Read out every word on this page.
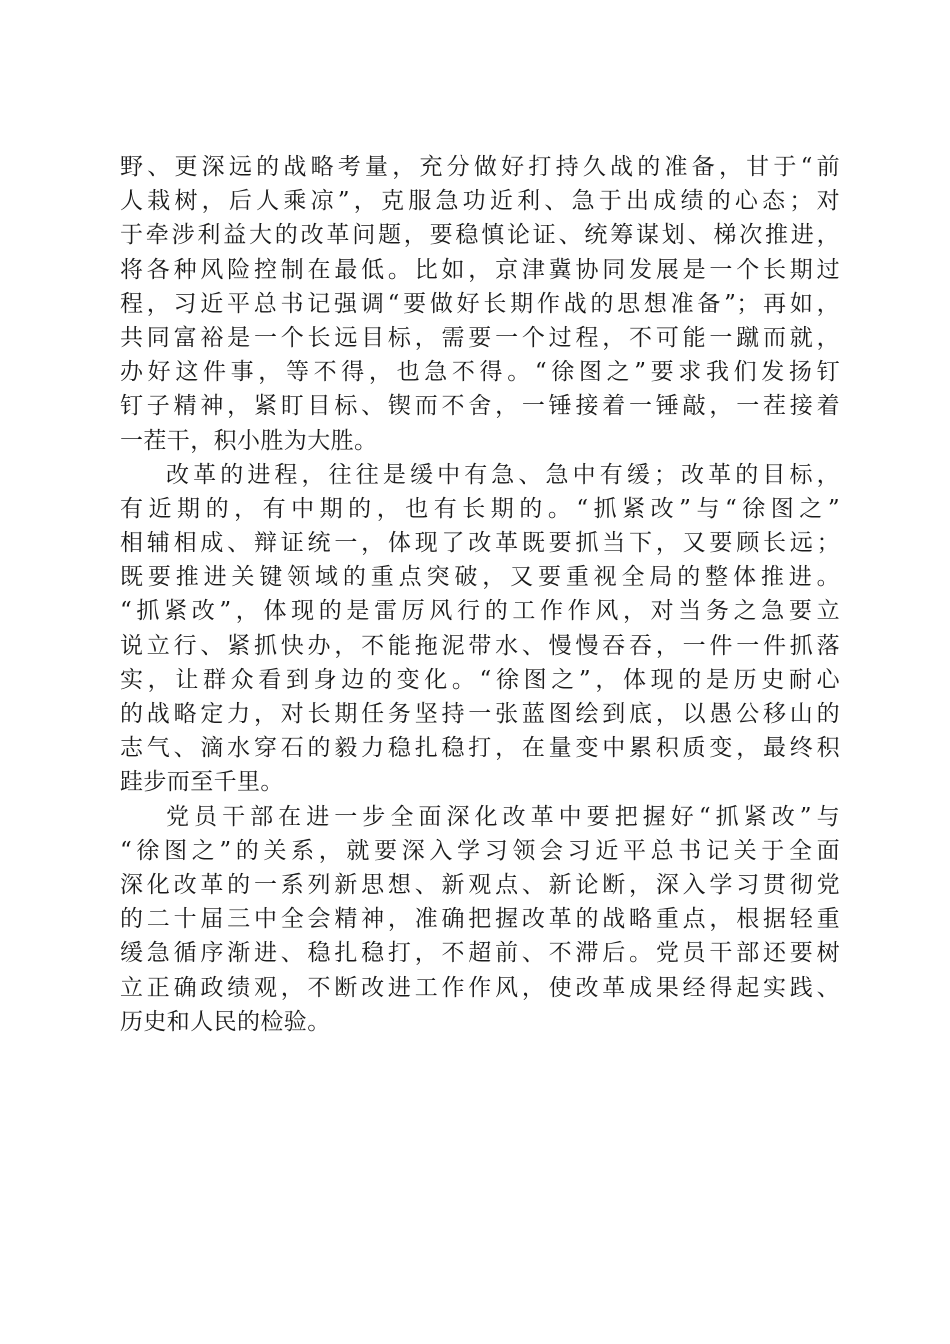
野、更深远的战略考量，充分做好打持久战的准备，甘于“前
人栽树，后人乘凉”，克服急功近利、急于出成绩的心态；对
于牵涉利益大的改革问题，要稳慎论证、统筹谋划、梯次推进，
将各种风险控制在最低。比如，京津冀协同发展是一个长期过
程，习近平总书记强调“要做好长期作战的思想准备”；再如，
共同富裕是一个长远目标，需要一个过程，不可能一蹴而就，
办好这件事，等不得，也急不得。“徐图之”要求我们发扬钉
钉子精神，紧盯目标、锲而不舍，一锤接着一锤敲，一茬接着
一茬干，积小胜为大胜。
改革的进程，往往是缓中有急、急中有缓；改革的目标，
有近期的，有中期的，也有长期的。“抓紧改”与“徐图之”
相辅相成、辩证统一，体现了改革既要抓当下，又要顾长远；
既要推进关键领域的重点突破，又要重视全局的整体推进。
“抓紧改”，体现的是雷厉风行的工作作风，对当务之急要立
说立行、紧抓快办，不能拖泥带水、慢慢吞吞，一件一件抓落
实，让群众看到身边的变化。“徐图之”，体现的是历史耐心
的战略定力，对长期任务坚持一张蓝图绘到底，以愚公移山的
志气、滴水穿石的毅力稳扎稳打，在量变中累积质变，最终积
跬步而至千里。
党员干部在进一步全面深化改革中要把握好“抓紧改”与
“徐图之”的关系，就要深入学习领会习近平总书记关于全面
深化改革的一系列新思想、新观点、新论断，深入学习贯彻党
的二十届三中全会精神，准确把握改革的战略重点，根据轻重
缓急循序渐进、稳扎稳打，不超前、不滞后。党员干部还要树
立正确政绩观，不断改进工作作风，使改革成果经得起实践、
历史和人民的检验。
